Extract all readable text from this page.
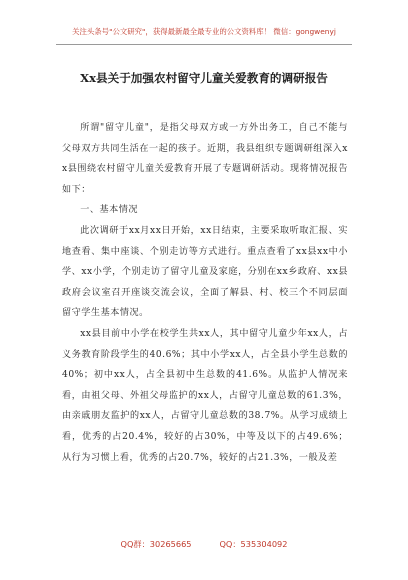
关注头条号"公文研究"，获得最新最全最专业的公文资料库！ 微信：gongwenyj
Xx县关于加强农村留守儿童关爱教育的调研报告

所谓"留守儿童"，是指父母双方或一方外出务工，自己不能与父母双方共同生活在一起的孩子。近期，我县组织专题调研组深入xx县围绕农村留守儿童关爱教育开展了专题调研活动。现将情况报告如下：

一、基本情况

此次调研于xx月xx日开始，xx日结束，主要采取听取汇报、实地查看、集中座谈、个别走访等方式进行。重点查看了xx县xx中小学、xx小学，个别走访了留守儿童及家庭，分别在xx乡政府、xx县政府会议室召开座谈交流会议，全面了解县、村、校三个不同层面留守学生基本情况。

xx县目前中小学在校学生共xx人，其中留守儿童少年xx人，占义务教育阶段学生的40.6%；其中小学xx人，占全县小学生总数的40%；初中xx人，占全县初中生总数的41.6%。从监护人情况来看，由祖父母、外祖父母监护的xx人，占留守儿童总数的61.3%，由亲戚朋友监护的xx人，占留守儿童总数的38.7%。从学习成绩上看，优秀的占20.4%，较好的占30%，中等及以下的占49.6%；从行为习惯上看，优秀的占20.7%，较好的占21.3%，一般及差

QQ群：30265665	QQ：535304092
